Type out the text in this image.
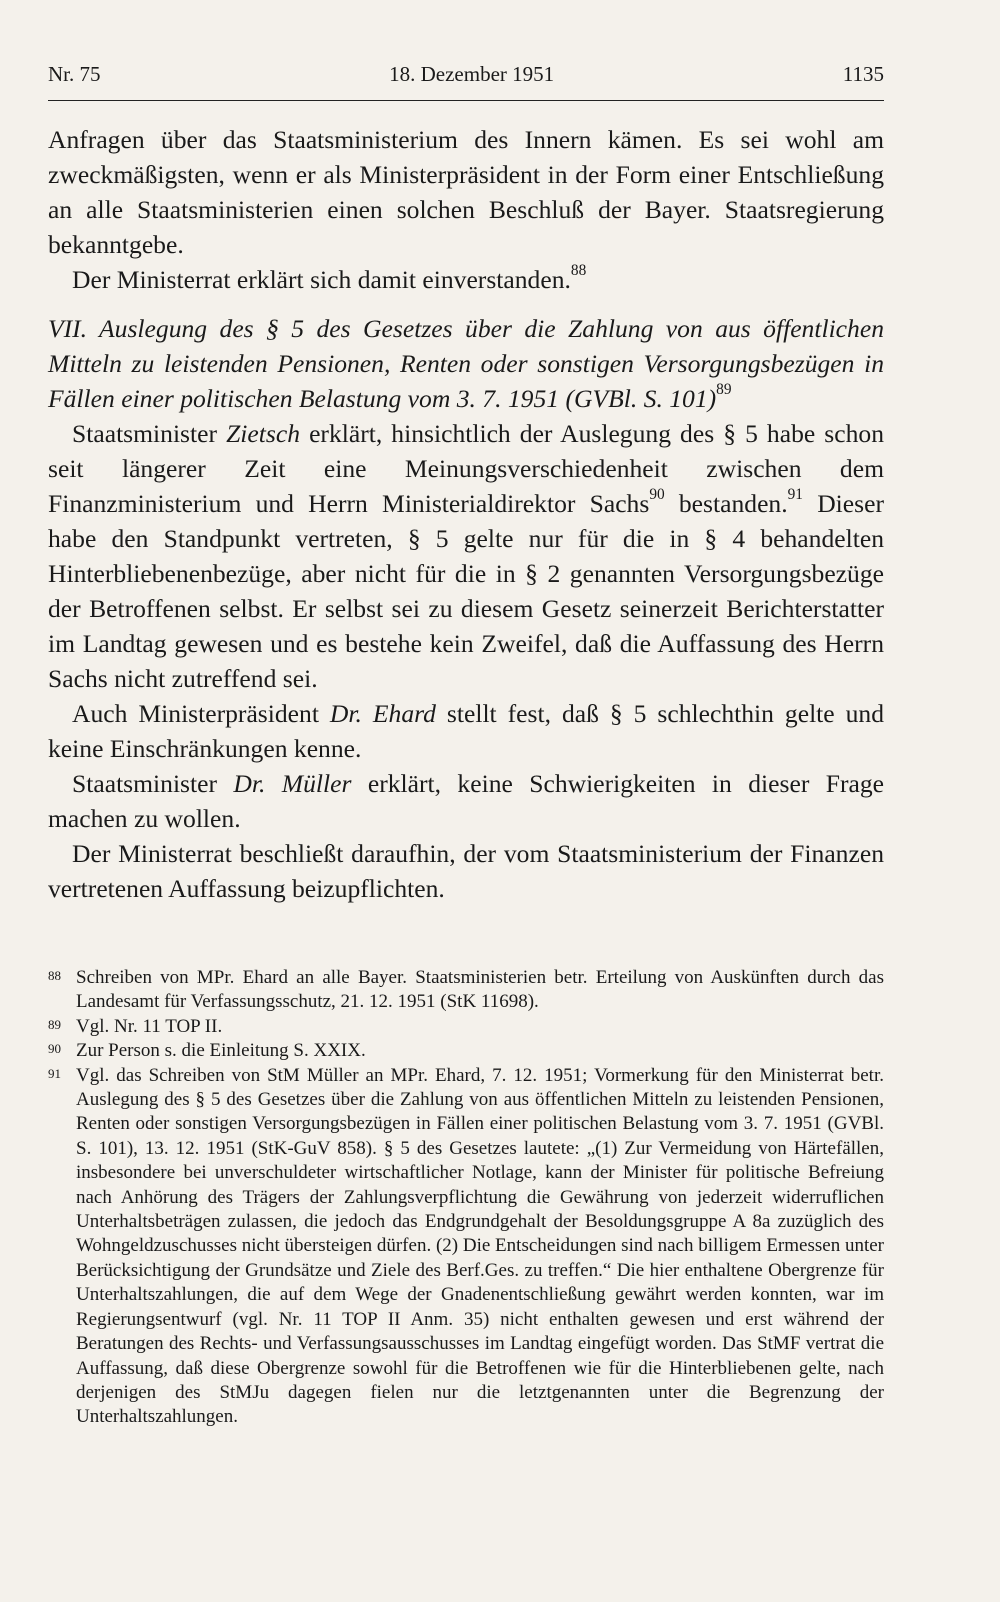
Nr. 75	18. Dezember 1951	1135

Anfragen über das Staatsministerium des Innern kämen. Es sei wohl am zweckmäßigsten, wenn er als Ministerpräsident in der Form einer Entschließung an alle Staatsministerien einen solchen Beschluß der Bayer. Staatsregierung bekanntgebe.

Der Ministerrat erklärt sich damit einverstanden.$^{88}$

VII. Auslegung des § 5 des Gesetzes über die Zahlung von aus öffentlichen Mitteln zu leistenden Pensionen, Renten oder sonstigen Versorgungsbezügen in Fällen einer politischen Belastung vom 3. 7. 1951 (GVBl. S. 101)$^{89}$

Staatsminister Zietsch erklärt, hinsichtlich der Auslegung des § 5 habe schon seit längerer Zeit eine Meinungsverschiedenheit zwischen dem Finanzministerium und Herrn Ministerialdirektor Sachs$^{90}$ bestanden.$^{91}$ Dieser habe den Standpunkt vertreten, § 5 gelte nur für die in § 4 behandelten Hinterbliebenenbezüge, aber nicht für die in § 2 genannten Versorgungsbezüge der Betroffenen selbst. Er selbst sei zu diesem Gesetz seinerzeit Berichterstatter im Landtag gewesen und es bestehe kein Zweifel, daß die Auffassung des Herrn Sachs nicht zutreffend sei.

Auch Ministerpräsident Dr. Ehard stellt fest, daß § 5 schlechthin gelte und keine Einschränkungen kenne.

Staatsminister Dr. Müller erklärt, keine Schwierigkeiten in dieser Frage machen zu wollen.

Der Ministerrat beschließt daraufhin, der vom Staatsministerium der Finanzen vertretenen Auffassung beizupflichten.

88 Schreiben von MPr. Ehard an alle Bayer. Staatsministerien betr. Erteilung von Auskünften durch das Landesamt für Verfassungsschutz, 21. 12. 1951 (StK 11698).
89 Vgl. Nr. 11 TOP II.
90 Zur Person s. die Einleitung S. XXIX.
91 Vgl. das Schreiben von StM Müller an MPr. Ehard, 7. 12. 1951; Vormerkung für den Ministerrat betr. Auslegung des § 5 des Gesetzes über die Zahlung von aus öffentlichen Mitteln zu leistenden Pensionen, Renten oder sonstigen Versorgungsbezügen in Fällen einer politischen Belastung vom 3. 7. 1951 (GVBl. S. 101), 13. 12. 1951 (StK-GuV 858). § 5 des Gesetzes lautete: „(1) Zur Vermeidung von Härtefällen, insbesondere bei unverschuldeter wirtschaftlicher Notlage, kann der Minister für politische Befreiung nach Anhörung des Trägers der Zahlungsverpflichtung die Gewährung von jederzeit widerruflichen Unterhaltsbeträgen zulassen, die jedoch das Endgrundgehalt der Besoldungsgruppe A 8a zuzüglich des Wohngeldzuschusses nicht übersteigen dürfen. (2) Die Entscheidungen sind nach billigem Ermessen unter Berücksichtigung der Grundsätze und Ziele des Berf.Ges. zu treffen.“ Die hier enthaltene Obergrenze für Unterhaltszahlungen, die auf dem Wege der Gnadenentschließung gewährt werden konnten, war im Regierungsentwurf (vgl. Nr. 11 TOP II Anm. 35) nicht enthalten gewesen und erst während der Beratungen des Rechts- und Verfassungsausschusses im Landtag eingefügt worden. Das StMF vertrat die Auffassung, daß diese Obergrenze sowohl für die Betroffenen wie für die Hinterbliebenen gelte, nach derjenigen des StMJu dagegen fielen nur die letztgenannten unter die Begrenzung der Unterhaltszahlungen.
